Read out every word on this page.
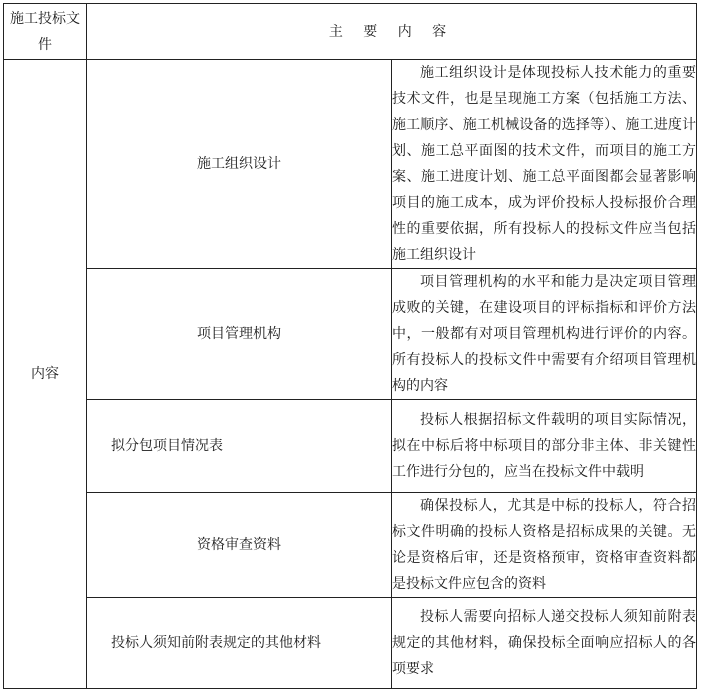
施工投标文件	主 要 内 容	
内容	施工组织设计	施工组织设计是体现投标人技术能力的重要技术文件，也是呈现施工方案（包括施工方法、施工顺序、施工机械设备的选择等）、施工进度计划、施工总平面图的技术文件，而项目的施工方案、施工进度计划、施工总平面图都会显著影响项目的施工成本，成为评价投标人投标报价合理性的重要依据，所有投标人的投标文件应当包括施工组织设计

	项目管理机构	项目管理机构的水平和能力是决定项目管理成败的关键，在建设项目的评标指标和评价方法中，一般都有对项目管理机构进行评价的内容。所有投标人的投标文件中需要有介绍项目管理机构的内容

	拟分包项目情况表	投标人根据招标文件载明的项目实际情况，拟在中标后将中标项目的部分非主体、非关键性工作进行分包的，应当在投标文件中载明

	资格审查资料	确保投标人，尤其是中标的投标人，符合招标文件明确的投标人资格是招标成果的关键。无论是资格后审，还是资格预审，资格审查资料都是投标文件应包含的资料

	投标人须知前附表规定的其他材料	投标人需要向招标人递交投标人须知前附表规定的其他材料，确保投标全面响应招标人的各项要求
